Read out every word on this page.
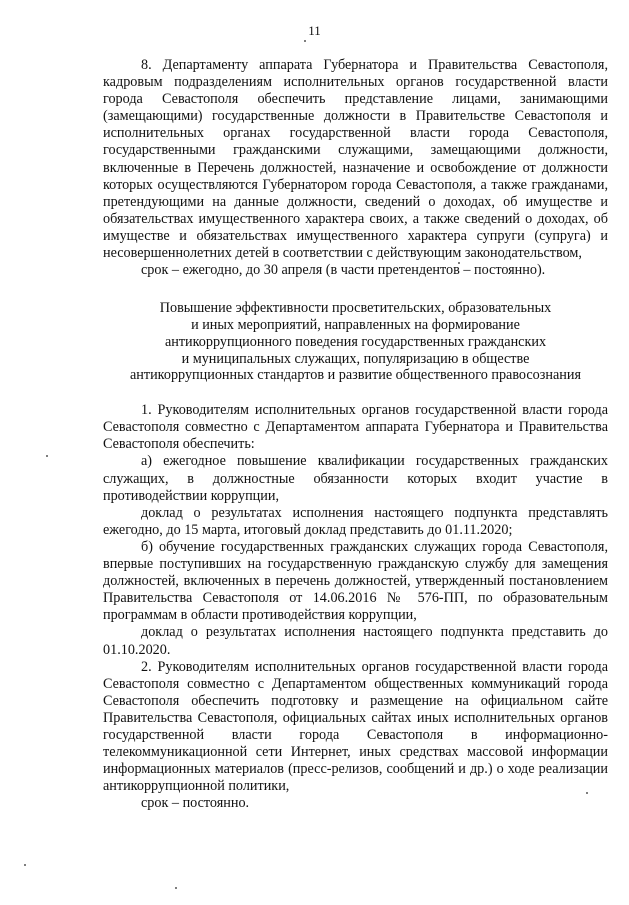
11

8. Департаменту аппарата Губернатора и Правительства Севастополя, кадровым подразделениям исполнительных органов государственной власти города Севастополя обеспечить представление лицами, занимающими (замещающими) государственные должности в Правительстве Севастополя и исполнительных органах государственной власти города Севастополя, государственными гражданскими служащими, замещающими должности, включенные в Перечень должностей, назначение и освобождение от должности которых осуществляются Губернатором города Севастополя, а также гражданами, претендующими на данные должности, сведений о доходах, об имуществе и обязательствах имущественного характера своих, а также сведений о доходах, об имуществе и обязательствах имущественного характера супруги (супруга) и несовершеннолетних детей в соответствии с действующим законодательством,

срок – ежегодно, до 30 апреля (в части претендентов – постоянно).

Повышение эффективности просветительских, образовательных
и иных мероприятий, направленных на формирование
антикоррупционного поведения государственных гражданских
и муниципальных служащих, популяризацию в обществе
антикоррупционных стандартов и развитие общественного правосознания

1. Руководителям исполнительных органов государственной власти города Севастополя совместно с Департаментом аппарата Губернатора и Правительства Севастополя обеспечить:

а) ежегодное повышение квалификации государственных гражданских служащих, в должностные обязанности которых входит участие в противодействии коррупции,

доклад о результатах исполнения настоящего подпункта представлять ежегодно, до 15 марта, итоговый доклад представить до 01.11.2020;

б) обучение государственных гражданских служащих города Севастополя, впервые поступивших на государственную гражданскую службу для замещения должностей, включенных в перечень должностей, утвержденный постановлением Правительства Севастополя от 14.06.2016 № 576-ПП, по образовательным программам в области противодействия коррупции,

доклад о результатах исполнения настоящего подпункта представить до 01.10.2020.

2. Руководителям исполнительных органов государственной власти города Севастополя совместно с Департаментом общественных коммуникаций города Севастополя обеспечить подготовку и размещение на официальном сайте Правительства Севастополя, официальных сайтах иных исполнительных органов государственной власти города Севастополя в информационно-телекоммуникационной сети Интернет, иных средствах массовой информации информационных материалов (пресс-релизов, сообщений и др.) о ходе реализации антикоррупционной политики,

срок – постоянно.
